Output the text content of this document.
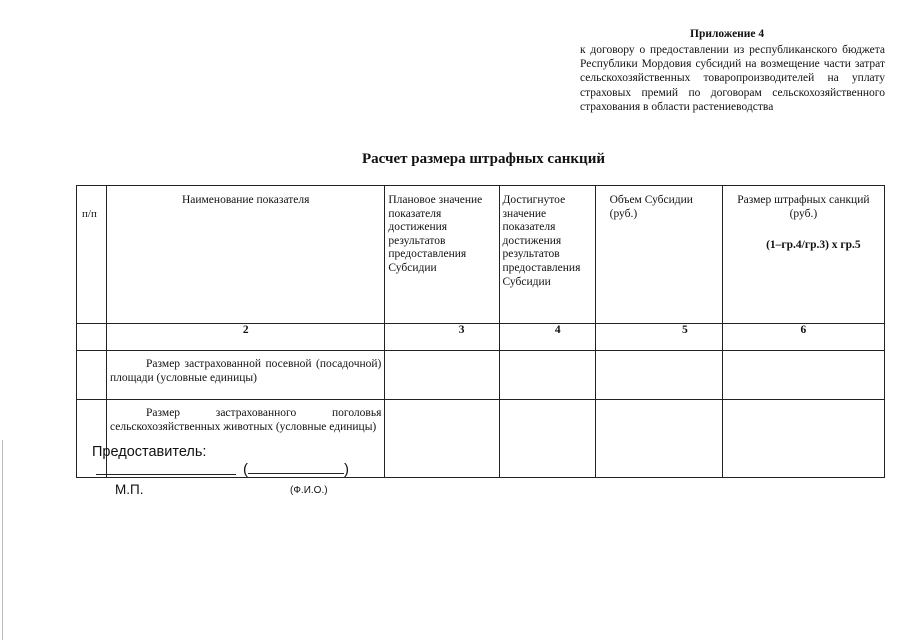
Приложение 4
к договору о предоставлении из республиканского бюджета Республики Мордовия субсидий на возмещение части затрат сельскохозяйственных товаропроизводителей на уплату страховых премий по договорам сельскохозяйственного страхования в области растениеводства
Расчет размера штрафных санкций
п/п	Наименование показателя	Плановое значение показателя достижения результатов предоставления Субсидии	Достигнутое значение показателя достижения результатов предоставления Субсидии	Объем Субсидии (руб.)	Размер штрафных санкций (руб.)
(1–гр.4/гр.3) х гр.5

	2	3	4	5	6
	Размер застрахованной посевной (посадочной) площади (условные единицы)				
	Размер застрахованного поголовья сельскохозяйственных животных (условные единицы)				
Предоставитель:
(	)
М.П.	(Ф.И.О.)
